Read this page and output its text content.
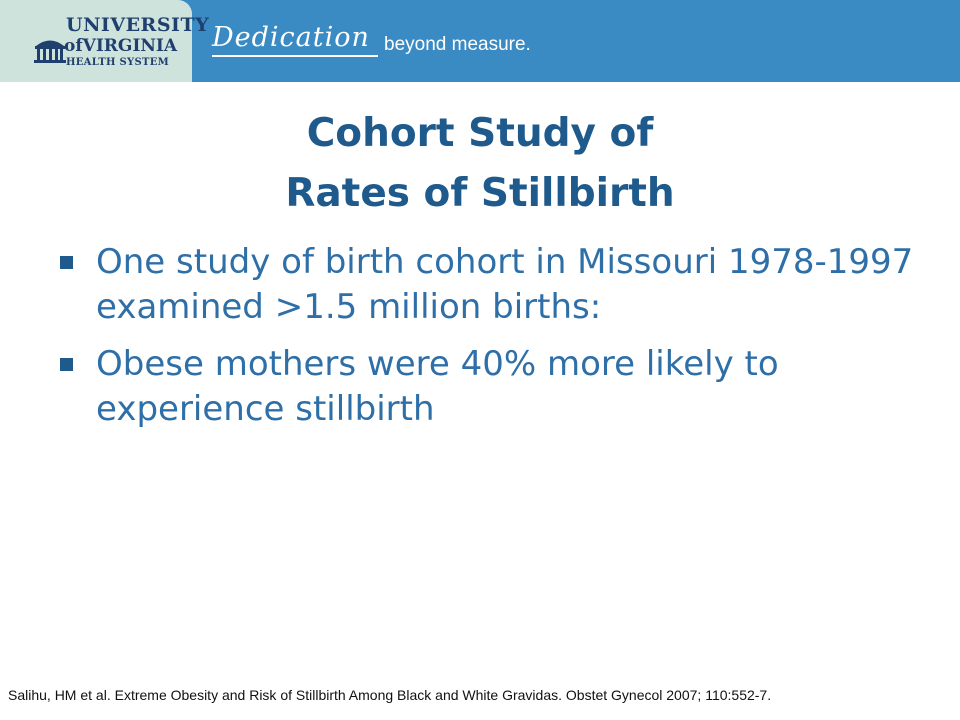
UNIVERSITY
ofVIRGINIA
HEALTH SYSTEM
Dedication beyond measure.
Cohort Study of
Rates of Stillbirth
One study of birth cohort in Missouri 1978-1997 examined >1.5 million births:
Obese mothers were 40% more likely to experience stillbirth
Salihu, HM et al. Extreme Obesity and Risk of Stillbirth Among Black and White Gravidas. Obstet Gynecol 2007; 110:552-7.
